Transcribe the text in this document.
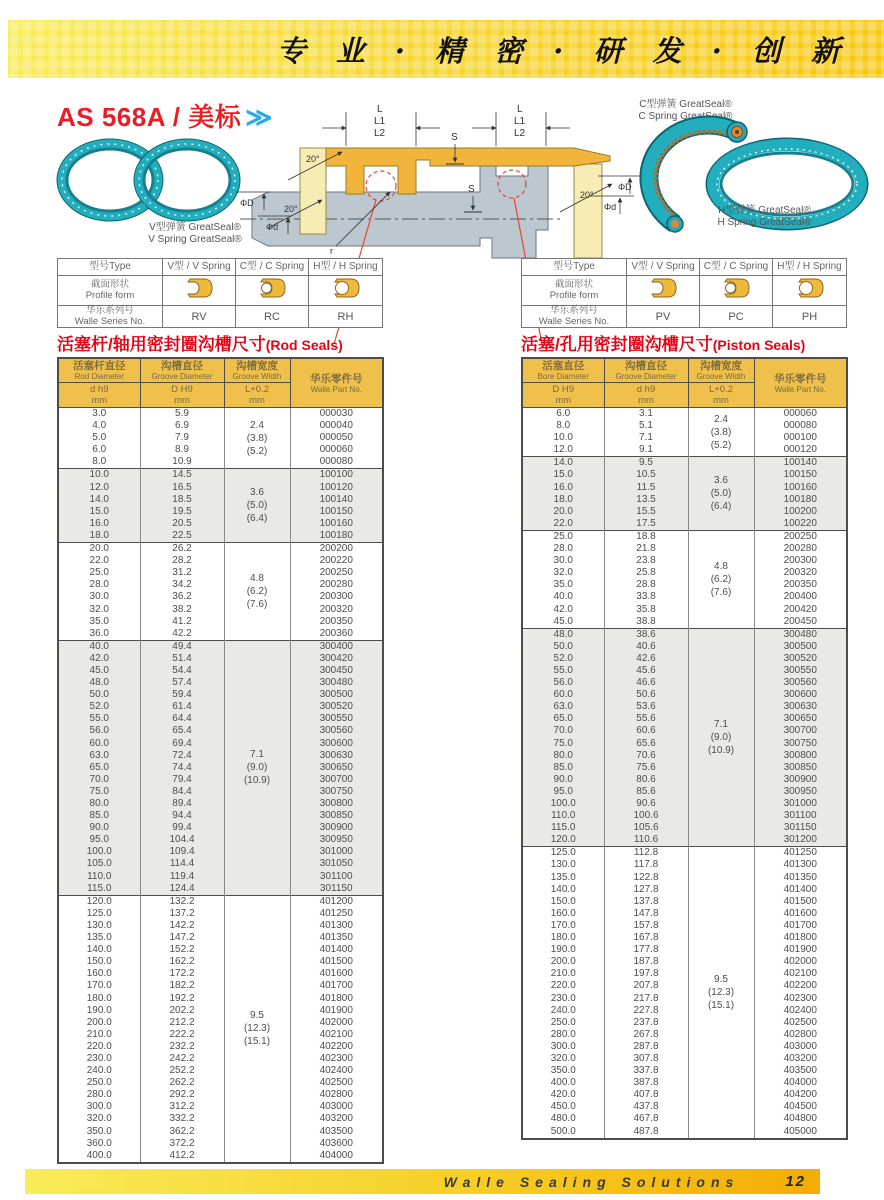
专 业 · 精 密 · 研 发 · 创 新
AS 568A / 美标 ≫
V型弹簧 GreatSeal®
V Spring GreatSeal®
L
L1
L2
L
L1
L2
S
S
20°
20°
20°
ΦD
Φd
ΦD
Φd
r
C型弹簧 GreatSeal®
C Spring GreatSeal®
H型弹簧 GreatSeal®
H Spring GreatSeal®
型号Type	V型 / V Spring	C型 / C Spring	H型 / H Spring

截面形状
Profile form

华乐系列号
Walle Series No.	RV	RC	RH
型号Type	V型 / V Spring	C型 / C Spring	H型 / H Spring

截面形状
Profile form

华乐系列号
Walle Series No.	PV	PC	PH
活塞杆/轴用密封圈沟槽尺寸(Rod Seals)	活塞/孔用密封圈沟槽尺寸(Piston Seals)
活塞杆直径
Rod Diameter

沟槽直径
Groove Diameter

沟槽宽度
Groove Width	华乐零件号
Walle Part No.

d h9
mm

D H9
mm

L+0.2
mm

3.0	5.9	2.4
(3.8)
(5.2)	000030
4.0	6.9		000040
5.0	7.9		000050
6.0	8.9		000060
8.0	10.9		000080
10.0	14.5	3.6
(5.0)
(6.4)	100100
12.0	16.5		100120
14.0	18.5		100140
15.0	19.5		100150
16.0	20.5		100160
18.0	22.5		100180
20.0	26.2	4.8
(6.2)
(7.6)	200200
22.0	28.2		200220
25.0	31.2		200250
28.0	34.2		200280
30.0	36.2		200300
32.0	38.2		200320
35.0	41.2		200350
36.0	42.2		200360
40.0	49.4	7.1
(9.0)
(10.9)	300400
42.0	51.4		300420
45.0	54.4		300450
48.0	57.4		300480
50.0	59.4		300500
52.0	61.4		300520
55.0	64.4		300550
56.0	65.4		300560
60.0	69.4		300600
63.0	72.4		300630
65.0	74.4		300650
70.0	79.4		300700
75.0	84.4		300750
80.0	89.4		300800
85.0	94.4		300850
90.0	99.4		300900
95.0	104.4		300950
100.0	109.4		301000
105.0	114.4		301050
110.0	119.4		301100
115.0	124.4		301150
120.0	132.2	9.5
(12.3)
(15.1)	401200
125.0	137.2		401250
130.0	142.2		401300
135.0	147.2		401350
140.0	152.2		401400
150.0	162.2		401500
160.0	172.2		401600
170.0	182.2		401700
180.0	192.2		401800
190.0	202.2		401900
200.0	212.2		402000
210.0	222.2		402100
220.0	232.2		402200
230.0	242.2		402300
240.0	252.2		402400
250.0	262.2		402500
280.0	292.2		402800
300.0	312.2		403000
320.0	332.2		403200
350.0	362.2		403500
360.0	372.2		403600
400.0	412.2		404000
活塞直径
Bore Diameter

沟槽直径
Groove Diameter

沟槽宽度
Groove Width	华乐零件号
Walle Part No.

D H9
mm

d h9
mm

L+0.2
mm

6.0	3.1	2.4
(3.8)
(5.2)	000060
8.0	5.1		000080
10.0	7.1		000100
12.0	9.1		000120
14.0	9.5	3.6
(5.0)
(6.4)	100140
15.0	10.5		100150
16.0	11.5		100160
18.0	13.5		100180
20.0	15.5		100200
22.0	17.5		100220
25.0	18.8	4.8
(6.2)
(7.6)	200250
28.0	21.8		200280
30.0	23.8		200300
32.0	25.8		200320
35.0	28.8		200350
40.0	33.8		200400
42.0	35.8		200420
45.0	38.8		200450
48.0	38.6	7.1
(9.0)
(10.9)	300480
50.0	40.6		300500
52.0	42.6		300520
55.0	45.6		300550
56.0	46.6		300560
60.0	50.6		300600
63.0	53.6		300630
65.0	55.6		300650
70.0	60.6		300700
75.0	65.6		300750
80.0	70.6		300800
85.0	75.6		300850
90.0	80.6		300900
95.0	85.6		300950
100.0	90.6		301000
110.0	100.6		301100
115.0	105.6		301150
120.0	110.6		301200
125.0	112.8	9.5
(12.3)
(15.1)	401250
130.0	117.8		401300
135.0	122.8		401350
140.0	127.8		401400
150.0	137.8		401500
160.0	147.8		401600
170.0	157.8		401700
180.0	167.8		401800
190.0	177.8		401900
200.0	187.8		402000
210.0	197.8		402100
220.0	207.8		402200
230.0	217.8		402300
240.0	227.8		402400
250.0	237.8		402500
280.0	267.8		402800
300.0	287.8		403000
320.0	307.8		403200
350.0	337.8		403500
400.0	387.8		404000
420.0	407.8		404200
450.0	437.8		404500
480.0	467.8		404800
500.0	487.8		405000
Walle Sealing Solutions	12
